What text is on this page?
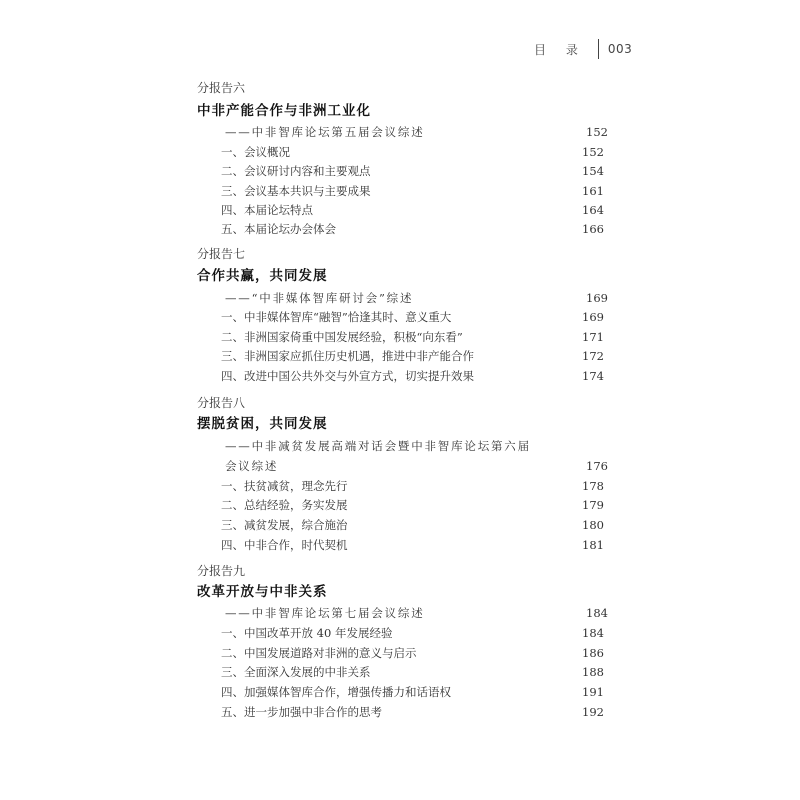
目 录 003
分报告六
中非产能合作与非洲工业化
——中非智库论坛第五届会议综述	152
一、会议概况	152
二、会议研讨内容和主要观点	154
三、会议基本共识与主要成果	161
四、本届论坛特点	164
五、本届论坛办会体会	166
分报告七
合作共赢，共同发展
——“中非媒体智库研讨会”综述	169
一、中非媒体智库“融智”恰逢其时、意义重大	169
二、非洲国家倚重中国发展经验，积极“向东看”	171
三、非洲国家应抓住历史机遇，推进中非产能合作	172
四、改进中国公共外交与外宣方式，切实提升效果	174
分报告八
摆脱贫困，共同发展
——中非减贫发展高端对话会暨中非智库论坛第六届
会议综述	176
一、扶贫减贫，理念先行	178
二、总结经验，务实发展	179
三、减贫发展，综合施治	180
四、中非合作，时代契机	181
分报告九
改革开放与中非关系
——中非智库论坛第七届会议综述	184
一、中国改革开放 40 年发展经验	184
二、中国发展道路对非洲的意义与启示	186
三、全面深入发展的中非关系	188
四、加强媒体智库合作，增强传播力和话语权	191
五、进一步加强中非合作的思考	192
